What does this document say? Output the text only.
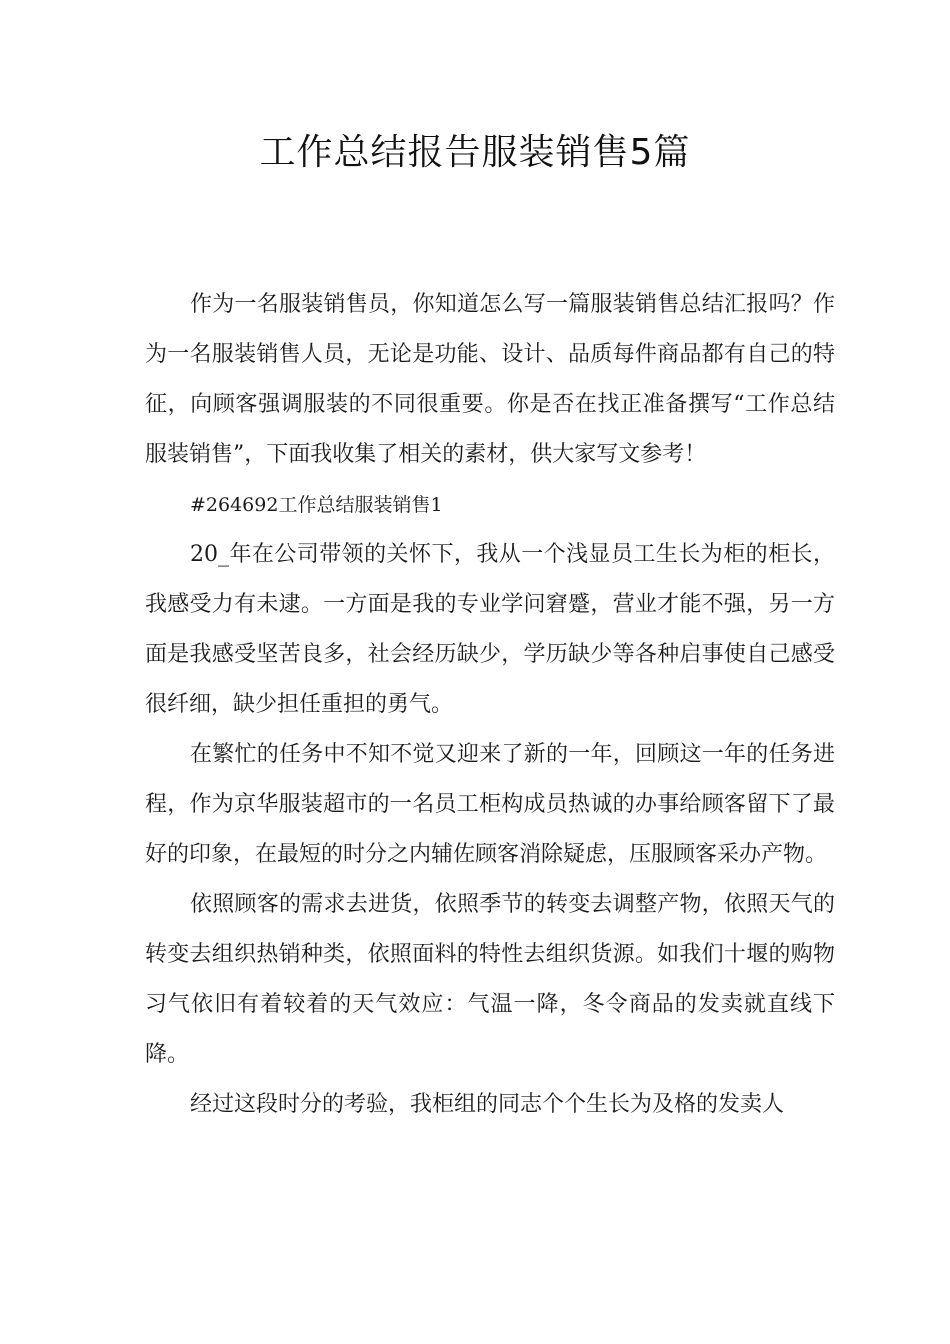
工作总结报告服装销售5篇

作为一名服装销售员，你知道怎么写一篇服装销售总结汇报吗？作为一名服装销售人员，无论是功能、设计、品质每件商品都有自己的特征，向顾客强调服装的不同很重要。你是否在找正准备撰写“工作总结服装销售”，下面我收集了相关的素材，供大家写文参考！

#264692工作总结服装销售1

20_年在公司带领的关怀下，我从一个浅显员工生长为柜的柜长，我感受力有未逮。一方面是我的专业学问窘蹙，营业才能不强，另一方面是我感受坚苦良多，社会经历缺少，学历缺少等各种启事使自己感受很纤细，缺少担任重担的勇气。

在繁忙的任务中不知不觉又迎来了新的一年，回顾这一年的任务进程，作为京华服装超市的一名员工柜构成员热诚的办事给顾客留下了最好的印象，在最短的时分之内辅佐顾客消除疑虑，压服顾客采办产物。

依照顾客的需求去进货，依照季节的转变去调整产物，依照天气的转变去组织热销种类，依照面料的特性去组织货源。如我们十堰的购物习气依旧有着较着的天气效应：气温一降，冬令商品的发卖就直线下降。

经过这段时分的考验，我柜组的同志个个生长为及格的发卖人
